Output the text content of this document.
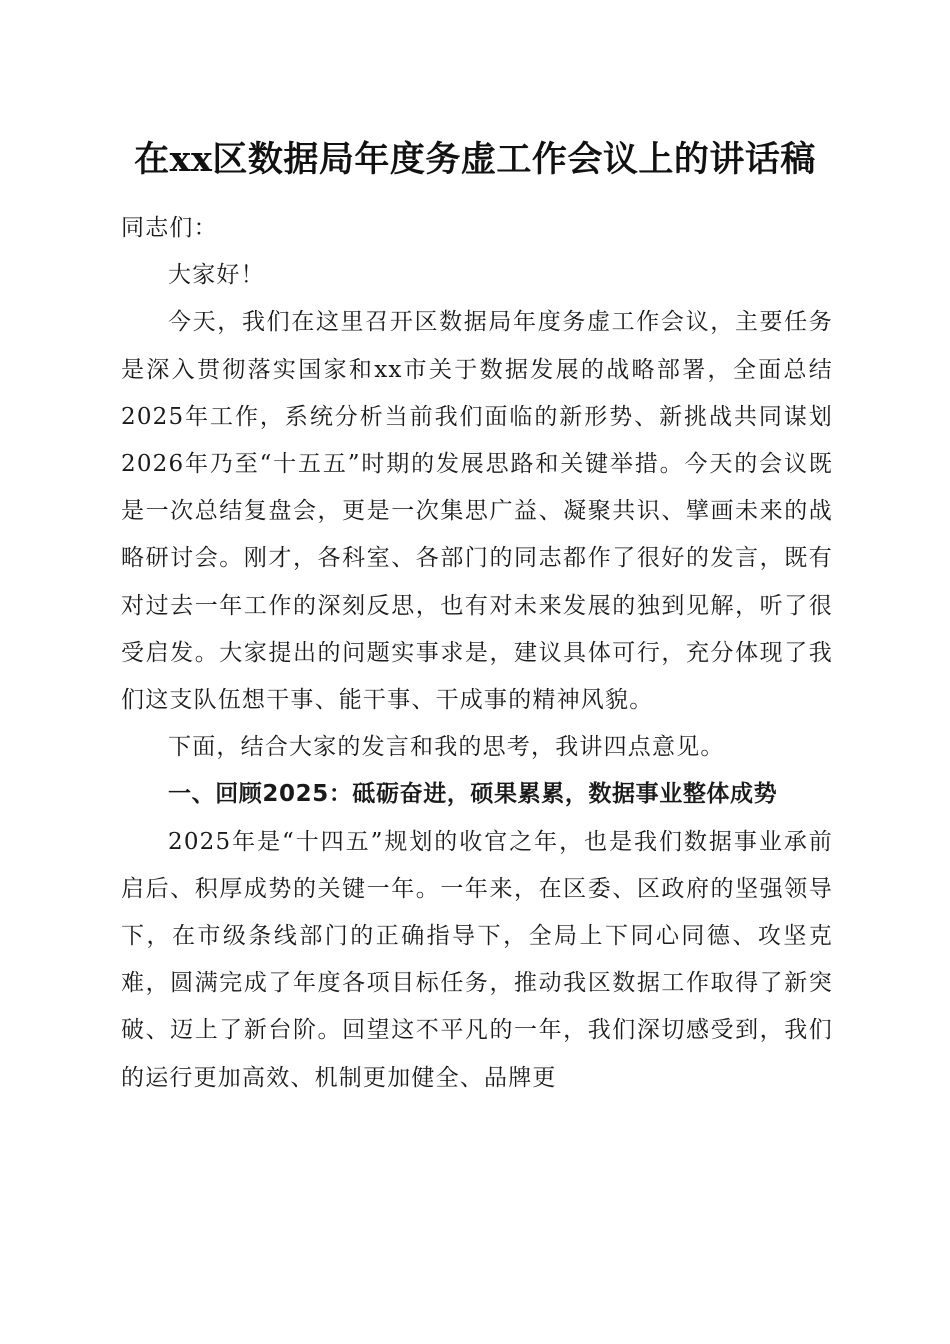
在xx区数据局年度务虚工作会议上的讲话稿

同志们：

大家好！

今天，我们在这里召开区数据局年度务虚工作会议，主要任务是深入贯彻落实国家和xx市关于数据发展的战略部署，全面总结2025年工作，系统分析当前我们面临的新形势、新挑战共同谋划2026年乃至“十五五”时期的发展思路和关键举措。今天的会议既是一次总结复盘会，更是一次集思广益、凝聚共识、擘画未来的战略研讨会。刚才，各科室、各部门的同志都作了很好的发言，既有对过去一年工作的深刻反思，也有对未来发展的独到见解，听了很受启发。大家提出的问题实事求是，建议具体可行，充分体现了我们这支队伍想干事、能干事、干成事的精神风貌。

下面，结合大家的发言和我的思考，我讲四点意见。

一、回顾2025：砥砺奋进，硕果累累，数据事业整体成势

2025年是“十四五”规划的收官之年，也是我们数据事业承前启后、积厚成势的关键一年。一年来，在区委、区政府的坚强领导下，在市级条线部门的正确指导下，全局上下同心同德、攻坚克难，圆满完成了年度各项目标任务，推动我区数据工作取得了新突破、迈上了新台阶。回望这不平凡的一年，我们深切感受到，我们的运行更加高效、机制更加健全、品牌更
